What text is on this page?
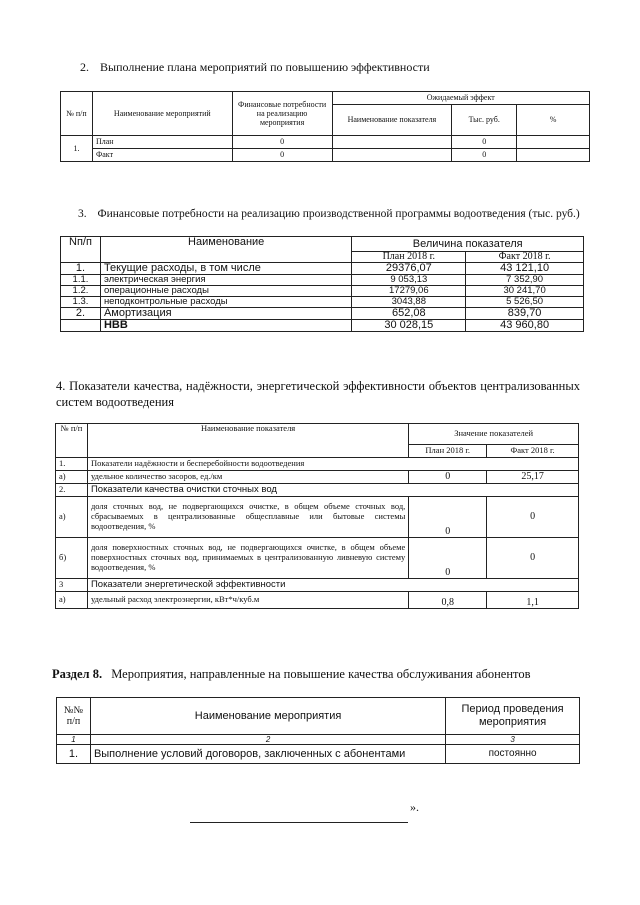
2. Выполнение плана мероприятий по повышению эффективности
№ п/п	Наименование мероприятий	Финансовые потребности на реализацию мероприятия	Ожидаемый эффект		
			Наименование показателя	Тыс. руб.	%
1.	План	0		0	
	Факт	0		0	
3. Финансовые потребности на реализацию производственной программы водоотведения (тыс. руб.)
Nп/п	Наименование	Величина показателя	
		План 2018 г.	Факт 2018 г.
1.	Текущие расходы, в том числе	29376,07	43 121,10
1.1.	электрическая энергия	9 053,13	7 352,90
1.2.	операционные расходы	17279,06	30 241,70
1.3.	неподконтрольные расходы	3043,88	5 526,50
2.	Амортизация	652,08	839,70
	НВВ	30 028,15	43 960,80
4. Показатели качества, надёжности, энергетической эффективности объектов централизованных систем водоотведения
№ п/п	Наименование показателя	Значение показателей	
		План 2018 г.	Факт 2018 г.
1.	Показатели надёжности и бесперебойности водоотведения		
а)	удельное количество засоров, ед./км	0	25,17
2.	Показатели качества очистки сточных вод		
а)	доля сточных вод, не подвергающихся очистке, в общем объеме сточных вод, сбрасываемых в централизованные общесплавные или бытовые системы водоотведения, %	0	0
б)	доля поверхностных сточных вод, не подвергающихся очистке, в общем объеме поверхностных сточных вод, принимаемых в централизованную ливневую систему водоотведения, %	0	0
3	Показатели энергетической эффективности		
а)	удельный расход электроэнергии, кВт*ч/куб.м	0,8	1,1
Раздел 8. Мероприятия, направленные на повышение качества обслуживания абонентов
№№ п/п	Наименование мероприятия	Период проведения мероприятия
1	2	3
1.	Выполнение условий договоров, заключенных с абонентами	постоянно
».
